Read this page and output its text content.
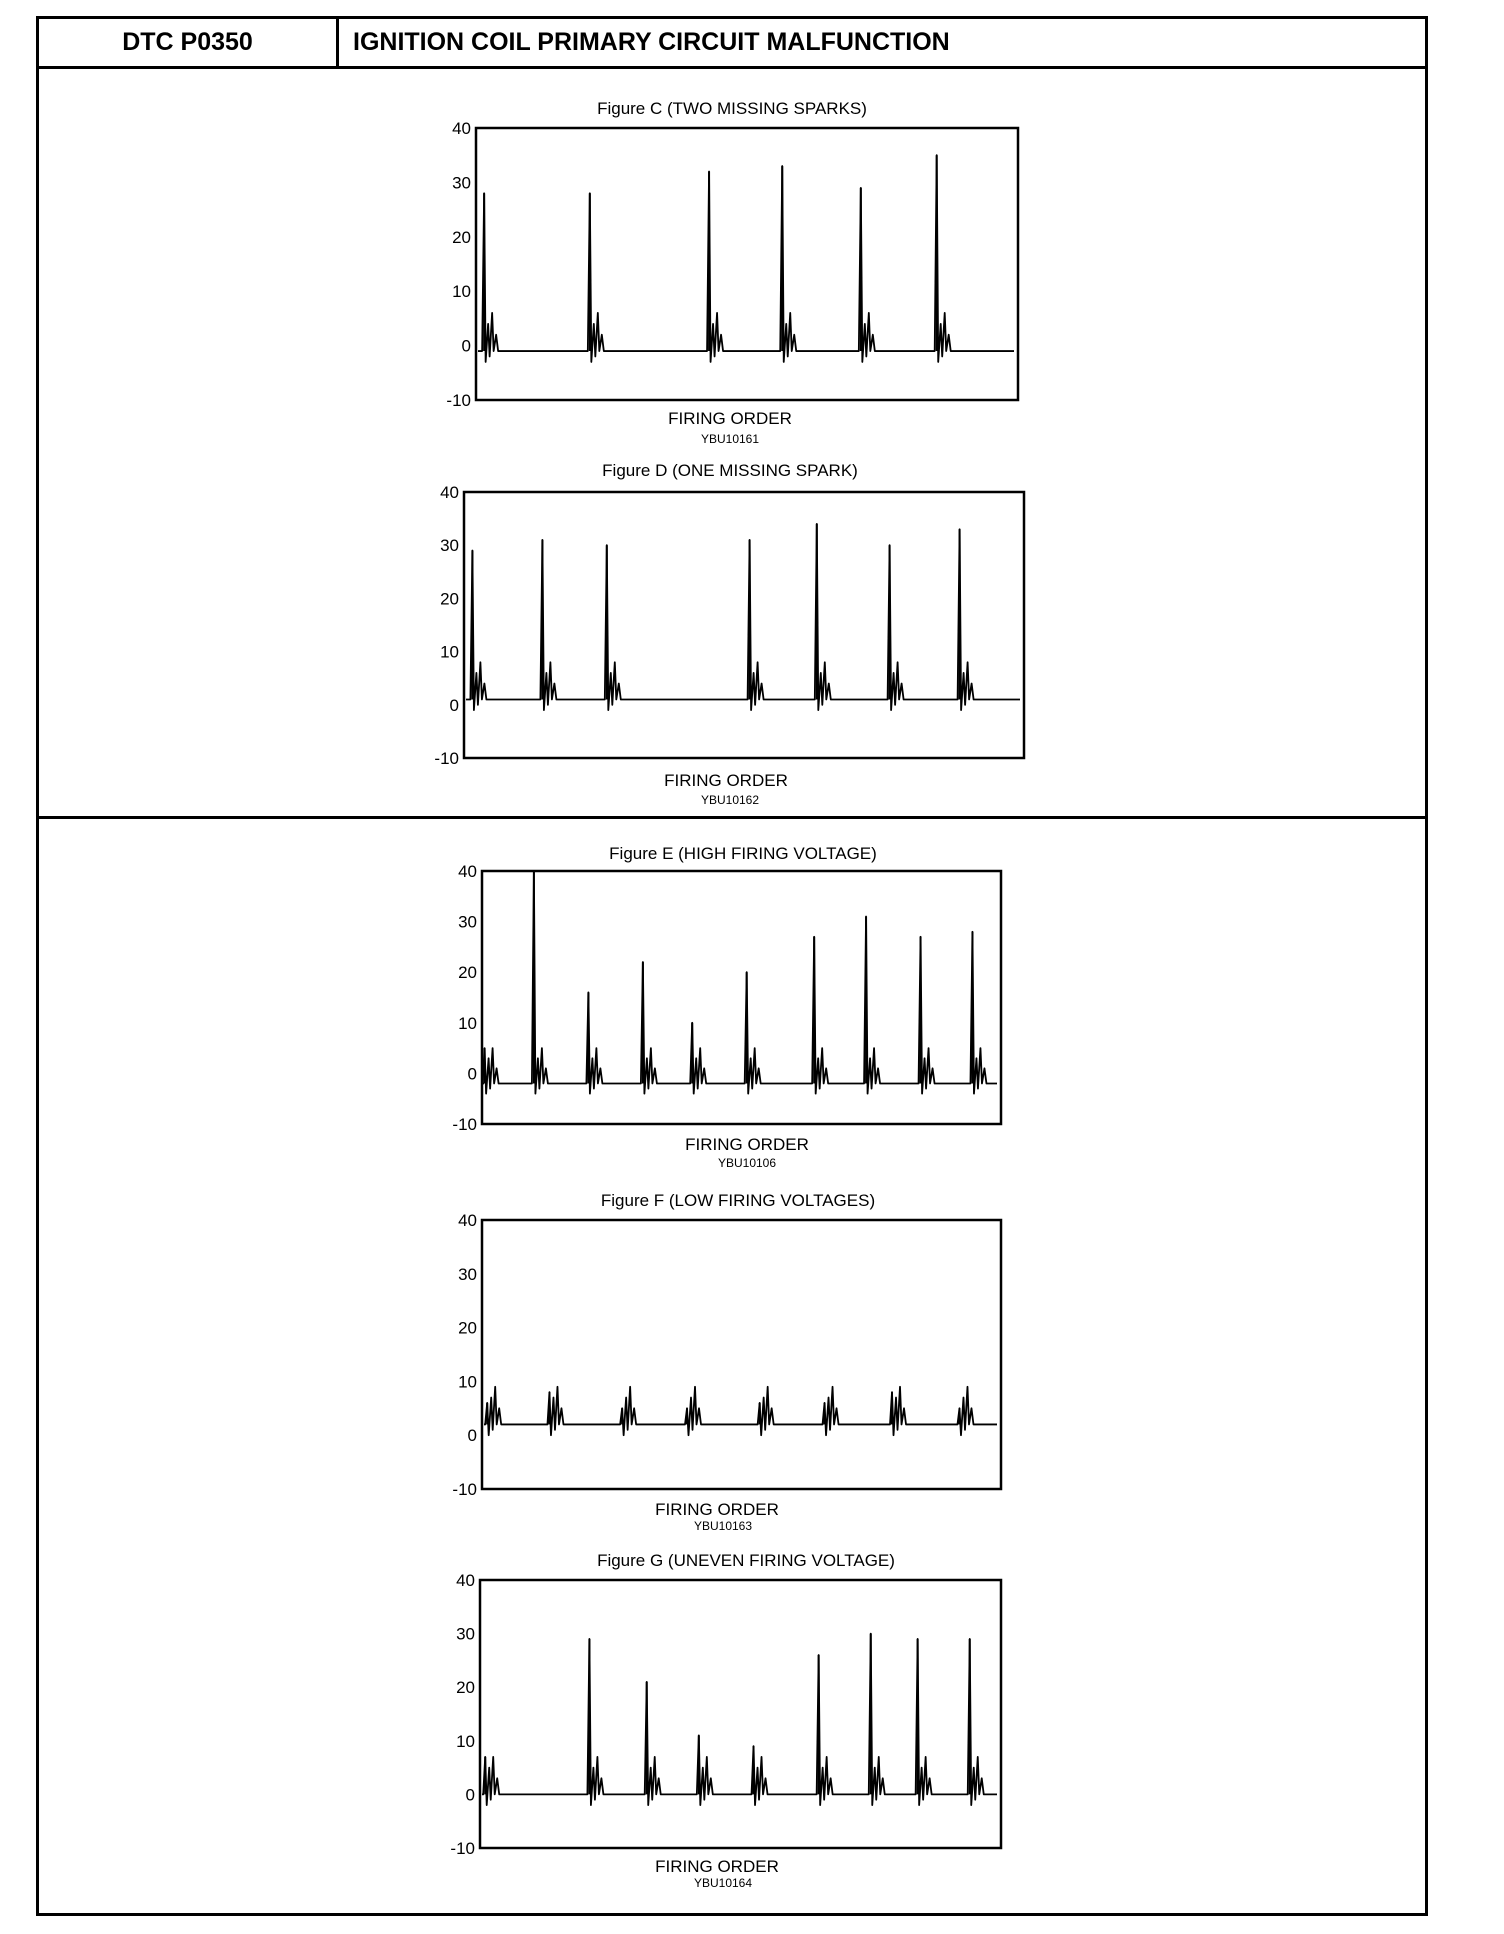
DTC P0350	IGNITION COIL PRIMARY CIRCUIT MALFUNCTION
Figure C (TWO MISSING SPARKS)
40
30
20
10
0
-10
FIRING ORDER
YBU10161
Figure D (ONE MISSING SPARK)
40
30
20
10
0
-10
FIRING ORDER
YBU10162
Figure E (HIGH FIRING VOLTAGE)
40
30
20
10
0
-10
FIRING ORDER
YBU10106
Figure F (LOW FIRING VOLTAGES)
40
30
20
10
0
-10
FIRING ORDER
YBU10163
Figure G (UNEVEN FIRING VOLTAGE)
40
30
20
10
0
-10
FIRING ORDER
YBU10164
